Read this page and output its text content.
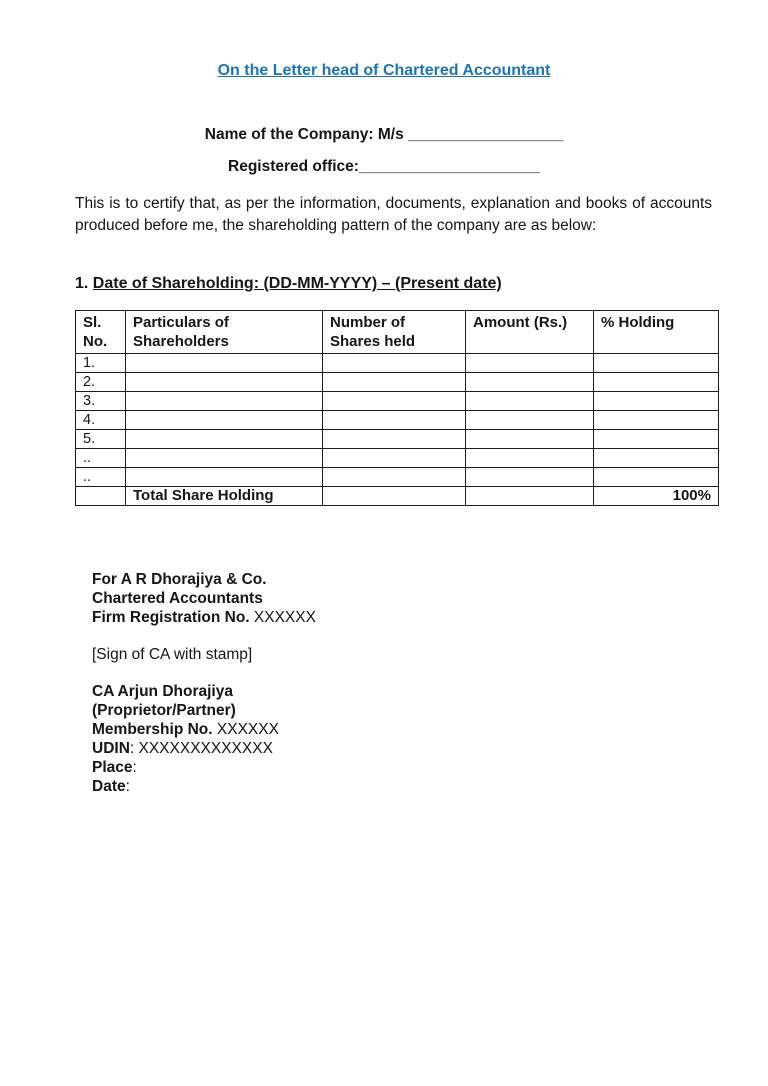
On the Letter head of Chartered Accountant

Name of the Company: M/s __________________

Registered office:_____________________

This is to certify that, as per the information, documents, explanation and books of accounts produced before me, the shareholding pattern of the company are as below:

1. Date of Shareholding: (DD-MM-YYYY) – (Present date)
Sl. No.	Particulars of Shareholders	Number of Shares held	Amount (Rs.)	% Holding
1.				
2.				
3.				
4.				
5.				
..				
..				
	Total Share Holding			100%
For A R Dhorajiya & Co.
Chartered Accountants
Firm Registration No. XXXXXX
[Sign of CA with stamp]
CA Arjun Dhorajiya
(Proprietor/Partner)
Membership No. XXXXXX
UDIN: XXXXXXXXXXXXX
Place:
Date:
